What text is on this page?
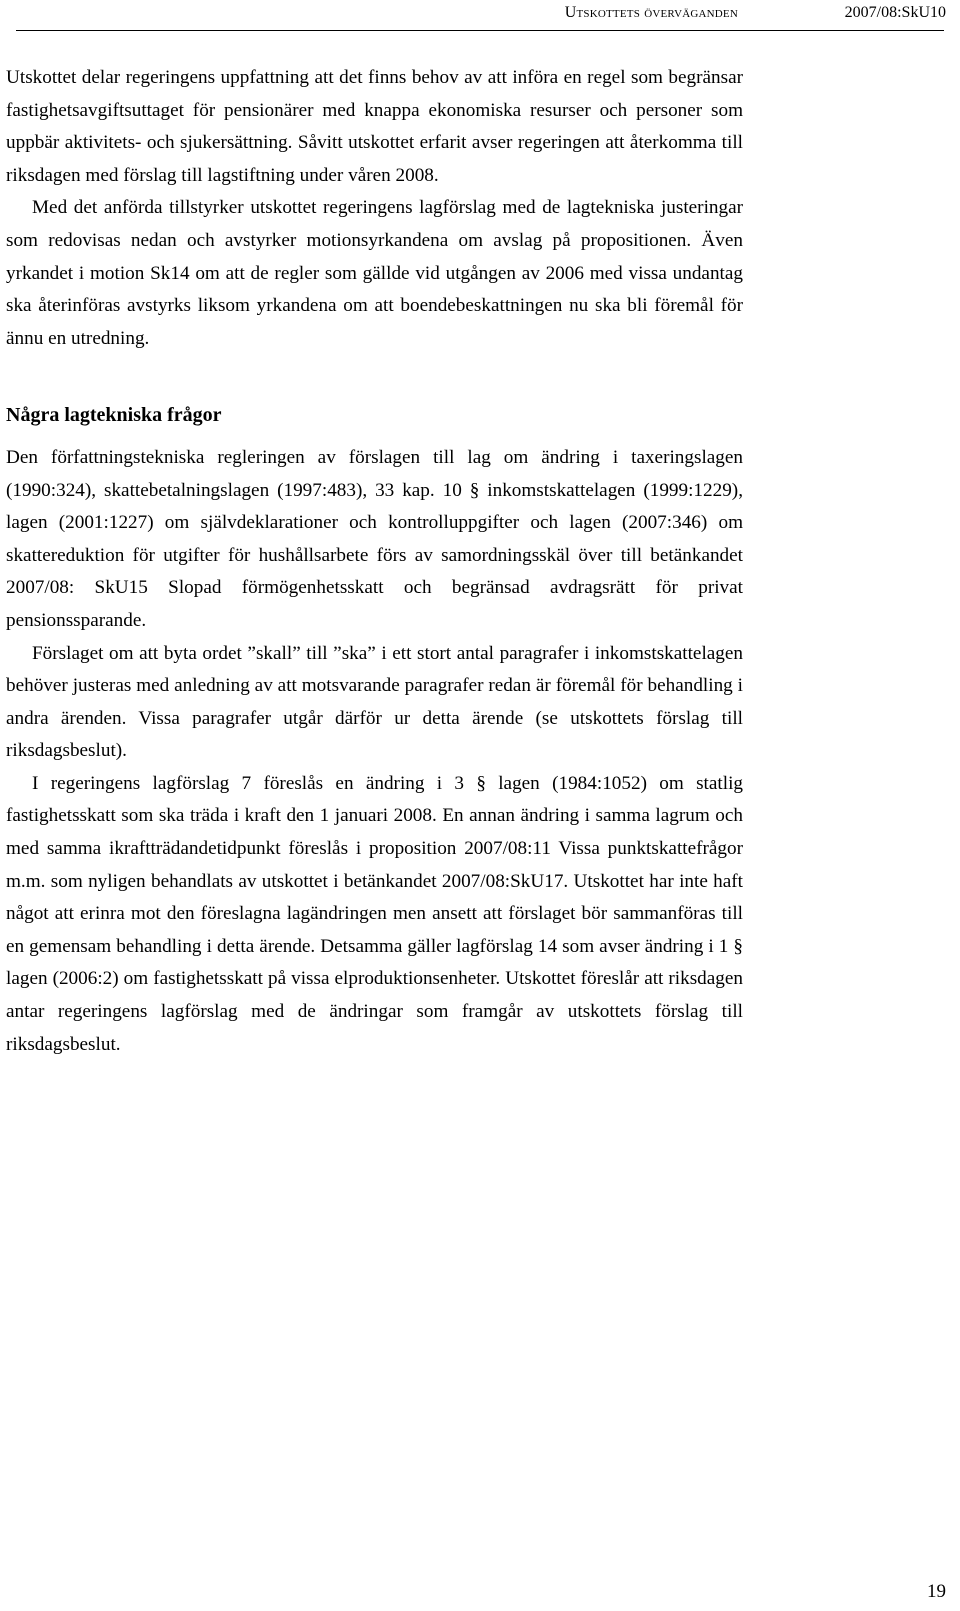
Utskottets överväganden	2007/08:SkU10

Utskottet delar regeringens uppfattning att det finns behov av att införa en regel som begränsar fastighetsavgiftsuttaget för pensionärer med knappa ekonomiska resurser och personer som uppbär aktivitets- och sjukersättning. Såvitt utskottet erfarit avser regeringen att återkomma till riksdagen med förslag till lagstiftning under våren 2008.

Med det anförda tillstyrker utskottet regeringens lagförslag med de lagtekniska justeringar som redovisas nedan och avstyrker motionsyrkandena om avslag på propositionen. Även yrkandet i motion Sk14 om att de regler som gällde vid utgången av 2006 med vissa undantag ska återinföras avstyrks liksom yrkandena om att boendebeskattningen nu ska bli föremål för ännu en utredning.

Några lagtekniska frågor

Den författningstekniska regleringen av förslagen till lag om ändring i taxeringslagen (1990:324), skattebetalningslagen (1997:483), 33 kap. 10 § inkomstskattelagen (1999:1229), lagen (2001:1227) om självdeklarationer och kontrolluppgifter och lagen (2007:346) om skattereduktion för utgifter för hushållsarbete förs av samordningsskäl över till betänkandet 2007/08: SkU15 Slopad förmögenhetsskatt och begränsad avdragsrätt för privat pensionssparande.

Förslaget om att byta ordet ”skall” till ”ska” i ett stort antal paragrafer i inkomstskattelagen behöver justeras med anledning av att motsvarande paragrafer redan är föremål för behandling i andra ärenden. Vissa paragrafer utgår därför ur detta ärende (se utskottets förslag till riksdagsbeslut).

I regeringens lagförslag 7 föreslås en ändring i 3 § lagen (1984:1052) om statlig fastighetsskatt som ska träda i kraft den 1 januari 2008. En annan ändring i samma lagrum och med samma ikraftträdandetidpunkt föreslås i proposition 2007/08:11 Vissa punktskattefrågor m.m. som nyligen behandlats av utskottet i betänkandet 2007/08:SkU17. Utskottet har inte haft något att erinra mot den föreslagna lagändringen men ansett att förslaget bör sammanföras till en gemensam behandling i detta ärende. Detsamma gäller lagförslag 14 som avser ändring i 1 § lagen (2006:2) om fastighetsskatt på vissa elproduktionsenheter. Utskottet föreslår att riksdagen antar regeringens lagförslag med de ändringar som framgår av utskottets förslag till riksdagsbeslut.

19
